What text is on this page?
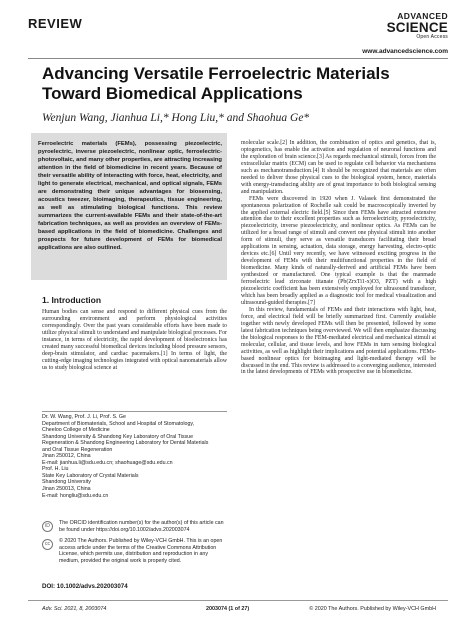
REVIEW	ADVANCED
SCIENCE
Open Access
www.advancedscience.com
Advancing Versatile Ferroelectric Materials Toward Biomedical Applications
Wenjun Wang, Jianhua Li,* Hong Liu,* and Shaohua Ge*

Ferroelectric materials (FEMs), possessing piezoelectric, pyroelectric, inverse piezoelectric, nonlinear optic, ferroelectric-photovoltaic, and many other properties, are attracting increasing attention in the field of biomedicine in recent years. Because of their versatile ability of interacting with force, heat, electricity, and light to generate electrical, mechanical, and optical signals, FEMs are demonstrating their unique advantages for biosensing, acoustics tweezer, bioimaging, therapeutics, tissue engineering, as well as stimulating biological functions. This review summarizes the current-available FEMs and their state-of-the-art fabrication techniques, as well as provides an overview of FEMs-based applications in the field of biomedicine. Challenges and prospects for future development of FEMs for biomedical applications are also outlined.

1. Introduction

Human bodies can sense and respond to different physical cues from the surrounding environment and perform physiological activities correspondingly. Over the past years considerable efforts have been made to utilize physical stimuli to understand and manipulate biological processes. For instance, in terms of electricity, the rapid development of bioelectronics has created many successful biomedical devices including blood pressure sensors, deep-brain stimulator, and cardiac pacemakers.[1] In terms of light, the cutting-edge imaging technologies integrated with optical nanomaterials allow us to study biological science at

Dr. W. Wang, Prof. J. Li, Prof. S. Ge
Department of Biomaterials, School and Hospital of Stomatology,
Cheeloo College of Medicine
Shandong University & Shandong Key Laboratory of Oral Tissue
Regeneration & Shandong Engineering Laboratory for Dental Materials
and Oral Tissue Regeneration
Jinan 250012, China
E-mail: jianhua.li@sdu.edu.cn; shaohuage@sdu.edu.cn
Prof. H. Liu
State Key Laboratory of Crystal Materials
Shandong University
Jinan 250013, China
E-mail: hongliu@sdu.edu.cn
iD	The ORCID identification number(s) for the author(s) of this article can be found under https://doi.org/10.1002/advs.202003074
cc	© 2020 The Authors. Published by Wiley-VCH GmbH. This is an open access article under the terms of the Creative Commons Attribution License, which permits use, distribution and reproduction in any medium, provided the original work is properly cited.
DOI: 10.1002/advs.202003074

molecular scale.[2] In addition, the combination of optics and genetics, that is, optogenetics, has enable the activation and regulation of neuronal functions and the exploration of brain science.[3] As regards mechanical stimuli, forces from the extracellular matrix (ECM) can be used to regulate cell behavior via mechanisms such as mechanotransduction.[4] It should be recognized that materials are often needed to deliver those physical cues to the biological system, hence, materials with energy-transducing ability are of great importance to both biological sensing and manipulation.

FEMs were discovered in 1920 when J. Valasek first demonstrated the spontaneous polarization of Rochelle salt could be macroscopically inverted by the applied external electric field.[5] Since then FEMs have attracted extensive attention due to their excellent properties such as ferroelectricity, pyroelectricity, piezoelectricity, inverse piezoelectricity, and nonlinear optics. As FEMs can be utilized for a broad range of stimuli and convert one physical stimuli into another form of stimuli, they serve as versatile transducers facilitating their broad applications in sensing, actuation, data storage, energy harvesting, electro-optic devices etc.[6] Until very recently, we have witnessed exciting progress in the development of FEMs with their multifunctional properties in the field of biomedicine. Many kinds of naturally-derived and artificial FEMs have been synthesized or manufactured. One typical example is that the manmade ferroelectric lead zirconate titanate (Pb(ZrxTi1-x)O3, PZT) with a high piezoelectric coefficient has been extensively employed for ultrasound transducer, which has been broadly applied as a diagnostic tool for medical visualization and ultrasound-guided therapies.[7]

In this review, fundamentals of FEMs and their interactions with light, heat, force, and electrical field will be briefly summarized first. Currently available together with newly developed FEMs will then be presented, followed by some latest fabrication techniques being overviewed. We will then emphasize discussing the biological responses to the FEM-mediated electrical and mechanical stimuli at molecular, cellular, and tissue levels, and how FEMs in turn sensing biological activities, as well as highlight their implications and potential applications. FEMs-based nonlinear optics for bioimaging and light-mediated therapy will be discussed in the end. This review is addressed to a converging audience, interested in the latest developments of FEMs with prospective use in biomedicine.

Adv. Sci. 2021, 8, 2003074	2003074 (1 of 27)	© 2020 The Authors. Published by Wiley-VCH GmbH
